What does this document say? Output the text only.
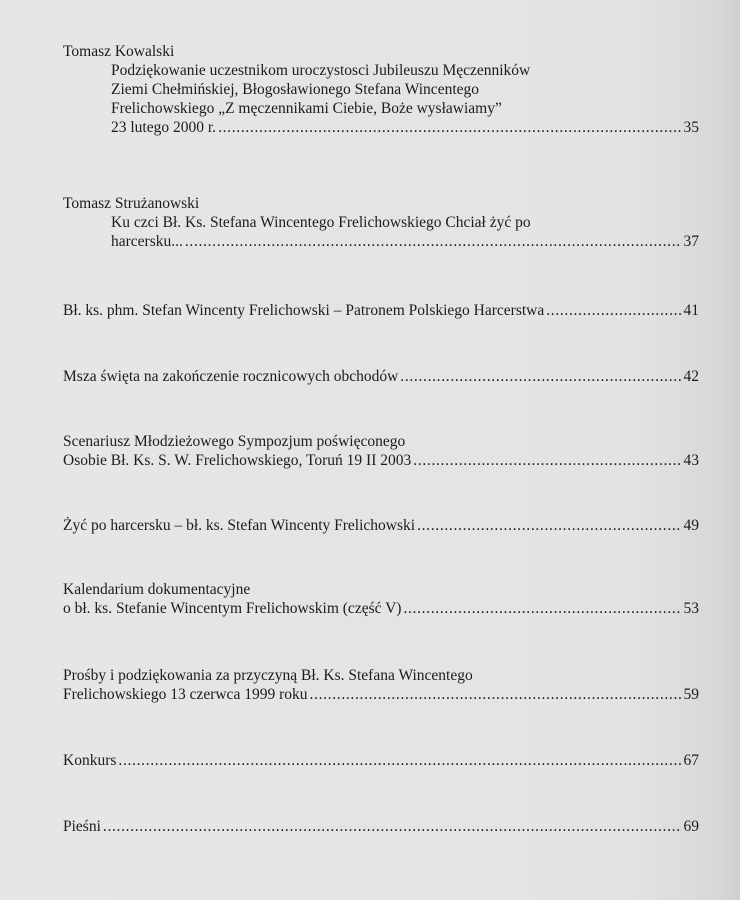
Tomasz Kowalski
Podziękowanie uczestnikom uroczystosci Jubileuszu Męczenników
Ziemi Chełmińskiej, Błogosławionego Stefana Wincentego
Frelichowskiego „Z męczennikami Ciebie, Boże wysławiamy”
23 lutego 2000 r. . . .	35
Tomasz Strużanowski
Ku czci Bł. Ks. Stefana Wincentego Frelichowskiego Chciał żyć po
harcersku... . . .	37
Bł. ks. phm. Stefan Wincenty Frelichowski – Patronem Polskiego Harcerstwa . . .	41
Msza święta na zakończenie rocznicowych obchodów . . .	42
Scenariusz Młodzieżowego Sympozjum poświęconego
Osobie Bł. Ks. S. W. Frelichowskiego, Toruń 19 II 2003 . . .	43
Żyć po harcersku – bł. ks. Stefan Wincenty Frelichowski . . .	49
Kalendarium dokumentacyjne
o bł. ks. Stefanie Wincentym Frelichowskim (część V) . . .	53
Prośby i podziękowania za przyczyną Bł. Ks. Stefana Wincentego
Frelichowskiego 13 czerwca 1999 roku . . .	59
Konkurs . . .	67
Pieśni . . .	69
